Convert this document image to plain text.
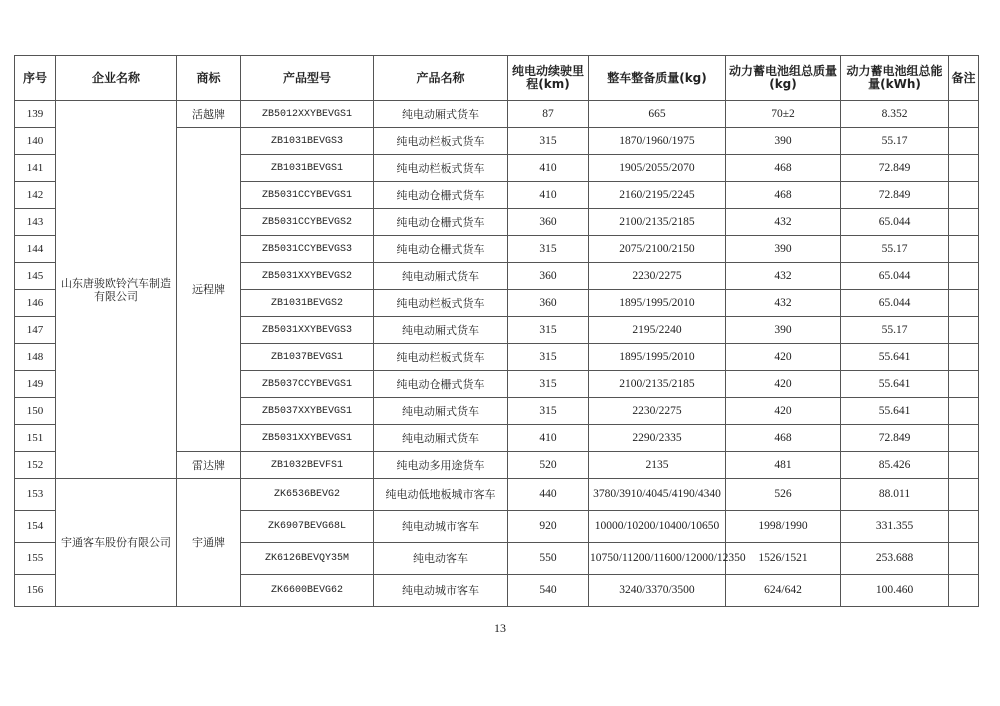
序号	企业名称	商标	产品型号	产品名称	纯电动续驶里程(km)	整车整备质量(kg)	动力蓄电池组总质量(kg)	动力蓄电池组总能量(kWh)	备注
139	山东唐骏欧铃汽车制造有限公司	活越牌	ZB5012XXYBEVGS1	纯电动厢式货车	87	665	70±2	8.352	
140		远程牌	ZB1031BEVGS3	纯电动栏板式货车	315	1870/1960/1975	390	55.17	
141			ZB1031BEVGS1	纯电动栏板式货车	410	1905/2055/2070	468	72.849	
142			ZB5031CCYBEVGS1	纯电动仓栅式货车	410	2160/2195/2245	468	72.849	
143			ZB5031CCYBEVGS2	纯电动仓栅式货车	360	2100/2135/2185	432	65.044	
144			ZB5031CCYBEVGS3	纯电动仓栅式货车	315	2075/2100/2150	390	55.17	
145			ZB5031XXYBEVGS2	纯电动厢式货车	360	2230/2275	432	65.044	
146			ZB1031BEVGS2	纯电动栏板式货车	360	1895/1995/2010	432	65.044	
147			ZB5031XXYBEVGS3	纯电动厢式货车	315	2195/2240	390	55.17	
148			ZB1037BEVGS1	纯电动栏板式货车	315	1895/1995/2010	420	55.641	
149			ZB5037CCYBEVGS1	纯电动仓栅式货车	315	2100/2135/2185	420	55.641	
150			ZB5037XXYBEVGS1	纯电动厢式货车	315	2230/2275	420	55.641	
151			ZB5031XXYBEVGS1	纯电动厢式货车	410	2290/2335	468	72.849	
152		雷达牌	ZB1032BEVFS1	纯电动多用途货车	520	2135	481	85.426	
153	宇通客车股份有限公司	宇通牌	ZK6536BEVG2	纯电动低地板城市客车	440	3780/3910/4045/4190/4340	526	88.011	
154			ZK6907BEVG68L	纯电动城市客车	920	10000/10200/10400/10650	1998/1990	331.355	
155			ZK6126BEVQY35M	纯电动客车	550	10750/11200/11600/12000/12350	1526/1521	253.688	
156			ZK6600BEVG62	纯电动城市客车	540	3240/3370/3500	624/642	100.460	
13
